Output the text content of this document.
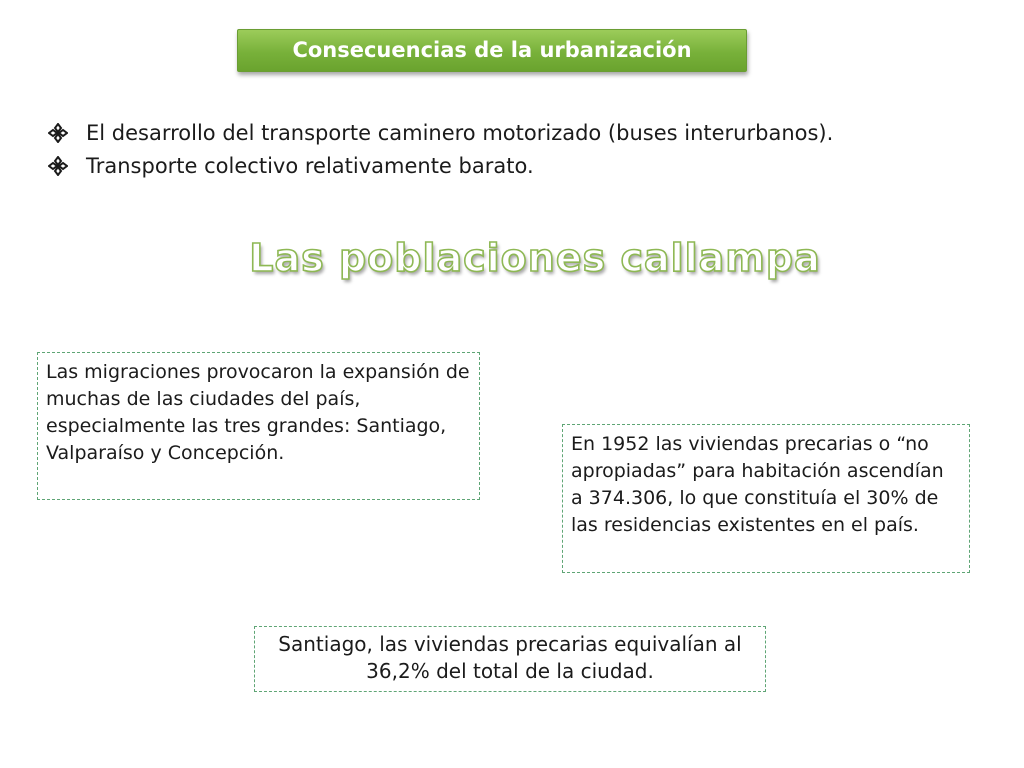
Consecuencias de la urbanización
El desarrollo del transporte caminero motorizado (buses interurbanos).
Transporte colectivo relativamente barato.
Las poblaciones callampa
Las migraciones provocaron la expansión de muchas de las ciudades del país, especialmente las tres grandes: Santiago, Valparaíso y Concepción.	En 1952 las viviendas precarias o “no apropiadas” para habitación ascendían a 374.306, lo que constituía el 30% de las residencias existentes en el país.
Santiago, las viviendas precarias equivalían al 36,2% del total de la ciudad.
